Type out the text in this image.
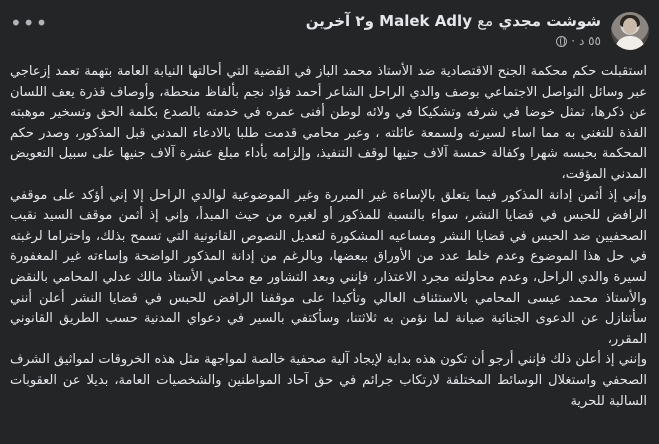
شوشت مجدي مع Malek Adly و٢ آخرين
٥٥ د ·
•••

استقبلت حكم محكمة الجنح الاقتصادية ضد الأستاذ محمد الباز في القضية التي أحالتها النيابة العامة بتهمة تعمد إزعاجي عبر وسائل التواصل الاجتماعي بوصف والدي الراحل الشاعر أحمد فؤاد نجم بألفاظ منحطة، وأوصاف قذرة يعف اللسان عن ذكرها، تمثل خوضا في شرفه وتشكيكا في ولائه لوطن أفنى عمره في خدمته بالصدع بكلمة الحق وتسخير موهبته الفذة للتغني به مما اساء لسيرته ولسمعة عائلته ، وعبر محامي قدمت طلبا بالادعاء المدني قبل المذكور، وصدر حكم المحكمة بحبسه شهرا وكفالة خمسة آلاف جنيها لوقف التنفيذ، وإلزامه بأداء مبلغ عشرة آلاف جنيها على سبيل التعويض المدني المؤقت،

وإني إذ أثمن إدانة المذكور فيما يتعلق بالإساءة غير المبررة وغير الموضوعية لوالدي الراحل إلا إني أؤكد على موقفي الرافض للحبس في قضايا النشر، سواء بالنسبة للمذكور أو لغيره من حيث المبدأ، وإني إذ أثمن موقف السيد نقيب الصحفيين ضد الحبس في قضايا النشر ومساعيه المشكورة لتعديل النصوص القانونية التي تسمح بذلك، واحتراما لرغبته في حل هذا الموضوع وعدم خلط عدد من الأوراق ببعضها، وبالرغم من إدانة المذكور الواضحة وإساءته غير المغفورة لسيرة والدي الراحل، وعدم محاولته مجرد الاعتذار، فإنني وبعد التشاور مع محامي الأستاذ مالك عدلي المحامي بالنقض والأستاذ محمد عيسى المحامي بالاستئناف العالي وتأكيدا على موقفنا الرافض للحبس في قضايا النشر أعلن أنني سأتنازل عن الدعوى الجنائية صيانة لما نؤمن به ثلاثتنا، وسأكتفي بالسير في دعواي المدنية حسب الطريق القانوني المقرر،

وإنني إذ أعلن ذلك فإنني أرجو أن تكون هذه بداية لإيجاد آلية صحفية خالصة لمواجهة مثل هذه الخروقات لمواثيق الشرف الصحفي واستغلال الوسائط المختلفة لارتكاب جرائم في حق آحاد المواطنين والشخصيات العامة، بديلا عن العقوبات السالبة للحرية
